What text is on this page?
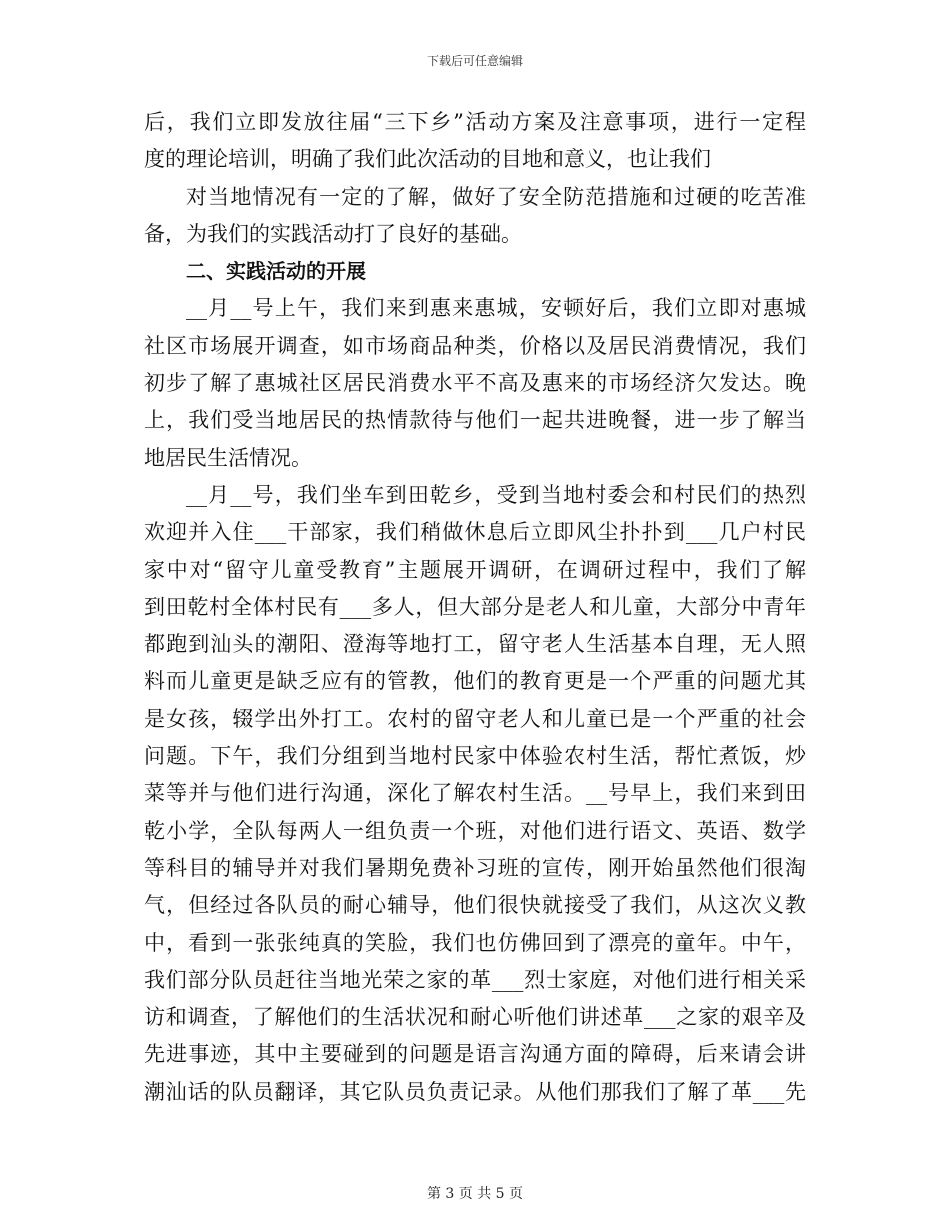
下载后可任意编辑
后，我们立即发放往届“三下乡”活动方案及注意事项，进行一定程
度的理论培训，明确了我们此次活动的目地和意义，也让我们
对当地情况有一定的了解，做好了安全防范措施和过硬的吃苦准
备，为我们的实践活动打了良好的基础。
二、实践活动的开展
__月__号上午，我们来到惠来惠城，安顿好后，我们立即对惠城
社区市场展开调查，如市场商品种类，价格以及居民消费情况，我们
初步了解了惠城社区居民消费水平不高及惠来的市场经济欠发达。晚
上，我们受当地居民的热情款待与他们一起共进晚餐，进一步了解当
地居民生活情况。
__月__号，我们坐车到田乾乡，受到当地村委会和村民们的热烈
欢迎并入住___干部家，我们稍做休息后立即风尘扑扑到___几户村民
家中对“留守儿童受教育”主题展开调研，在调研过程中，我们了解
到田乾村全体村民有___多人，但大部分是老人和儿童，大部分中青年
都跑到汕头的潮阳、澄海等地打工，留守老人生活基本自理，无人照
料而儿童更是缺乏应有的管教，他们的教育更是一个严重的问题尤其
是女孩，辍学出外打工。农村的留守老人和儿童已是一个严重的社会
问题。下午，我们分组到当地村民家中体验农村生活，帮忙煮饭，炒
菜等并与他们进行沟通，深化了解农村生活。__号早上，我们来到田
乾小学，全队每两人一组负责一个班，对他们进行语文、英语、数学
等科目的辅导并对我们暑期免费补习班的宣传，刚开始虽然他们很淘
气，但经过各队员的耐心辅导，他们很快就接受了我们，从这次义教
中，看到一张张纯真的笑脸，我们也仿佛回到了漂亮的童年。中午，
我们部分队员赶往当地光荣之家的革___烈士家庭，对他们进行相关采
访和调查，了解他们的生活状况和耐心听他们讲述革___之家的艰辛及
先进事迹，其中主要碰到的问题是语言沟通方面的障碍，后来请会讲
潮汕话的队员翻译，其它队员负责记录。从他们那我们了解了革___先
第 3 页 共 5 页
